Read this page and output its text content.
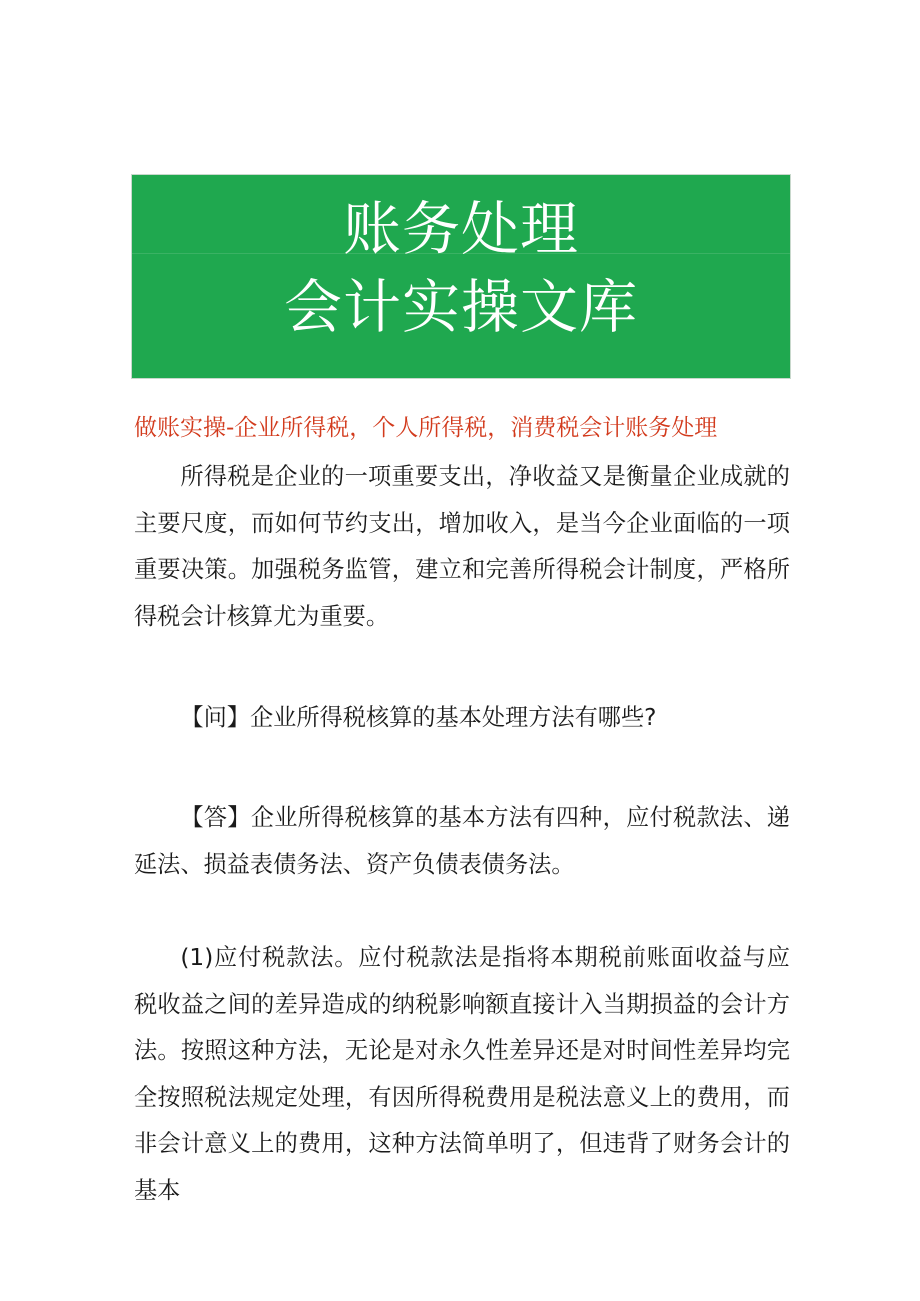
账务处理
会计实操文库
做账实操-企业所得税，个人所得税，消费税会计账务处理

所得税是企业的一项重要支出，净收益又是衡量企业成就的主要尺度，而如何节约支出，增加收入，是当今企业面临的一项重要决策。加强税务监管，建立和完善所得税会计制度，严格所得税会计核算尤为重要。

【问】企业所得税核算的基本处理方法有哪些?

【答】企业所得税核算的基本方法有四种，应付税款法、递延法、损益表债务法、资产负债表债务法。

(1)应付税款法。应付税款法是指将本期税前账面收益与应税收益之间的差异造成的纳税影响额直接计入当期损益的会计方法。按照这种方法，无论是对永久性差异还是对时间性差异均完全按照税法规定处理，有因所得税费用是税法意义上的费用，而非会计意义上的费用，这种方法简单明了，但违背了财务会计的基本
